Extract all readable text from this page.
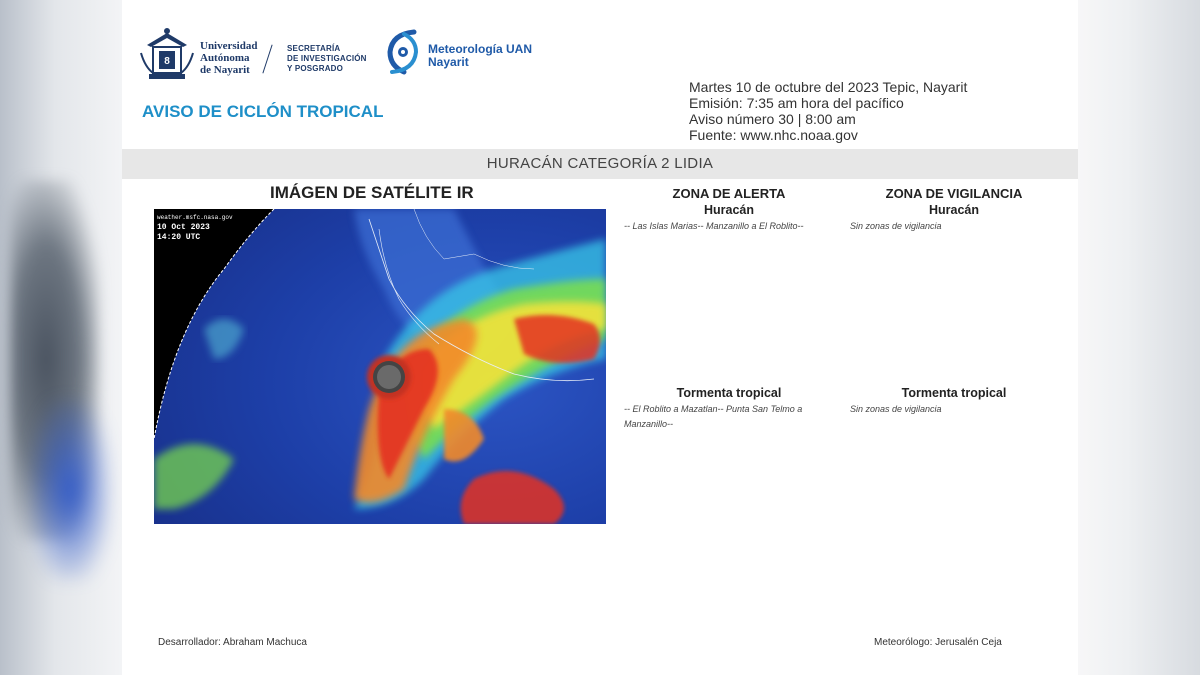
8
Universidad
Autónoma
de Nayarit
SECRETARÍA
DE INVESTIGACIÓN
Y POSGRADO
Meteorología UAN
Nayarit
AVISO DE CICLÓN TROPICAL
Martes 10 de octubre del 2023 Tepic, Nayarit
Emisión: 7:35 am hora del pacífico
Aviso número 30 | 8:00 am
Fuente: www.nhc.noaa.gov
HURACÁN CATEGORÍA 2 LIDIA
IMÁGEN DE SATÉLITE IR
weather.msfc.nasa.gov
10 Oct 2023
14:20 UTC
ZONA DE ALERTA
Huracán
-- Las Islas Marias-- Manzanillo a El Roblito--
ZONA DE VIGILANCIA
Huracán
Sin zonas de vigilancia
Tormenta tropical
-- El Roblito a Mazatlan-- Punta San Telmo a
Manzanillo--
Tormenta tropical
Sin zonas de vigilancia
Desarrollador: Abraham Machuca	Meteorólogo: Jerusalén Ceja
